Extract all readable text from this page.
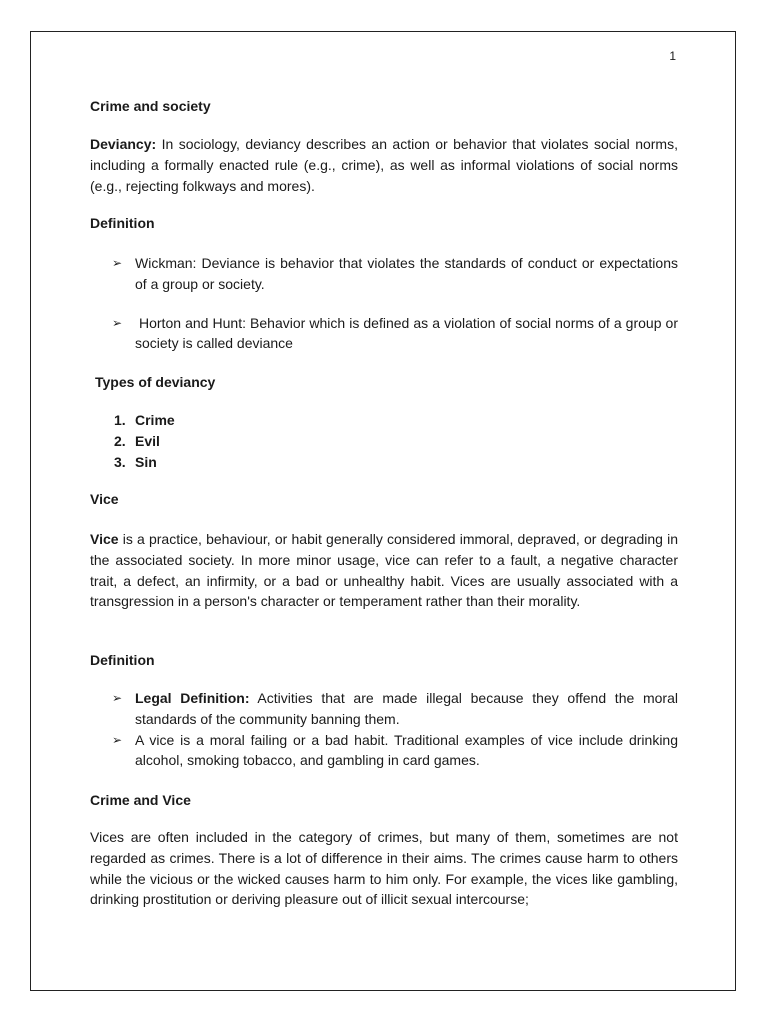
1

Crime and society

Deviancy: In sociology, deviancy describes an action or behavior that violates social norms, including a formally enacted rule (e.g., crime), as well as informal violations of social norms (e.g., rejecting folkways and mores).

Definition

➢ Wickman: Deviance is behavior that violates the standards of conduct or expectations of a group or society.
➢ Horton and Hunt: Behavior which is defined as a violation of social norms of a group or society is called deviance

Types of deviancy

1. Crime
2. Evil
3. Sin

Vice

Vice is a practice, behaviour, or habit generally considered immoral, depraved, or degrading in the associated society. In more minor usage, vice can refer to a fault, a negative character trait, a defect, an infirmity, or a bad or unhealthy habit. Vices are usually associated with a transgression in a person's character or temperament rather than their morality.

Definition

➢ Legal Definition: Activities that are made illegal because they offend the moral standards of the community banning them.
➢ A vice is a moral failing or a bad habit. Traditional examples of vice include drinking alcohol, smoking tobacco, and gambling in card games.

Crime and Vice

Vices are often included in the category of crimes, but many of them, sometimes are not regarded as crimes. There is a lot of difference in their aims. The crimes cause harm to others while the vicious or the wicked causes harm to him only. For example, the vices like gambling, drinking prostitution or deriving pleasure out of illicit sexual intercourse;
